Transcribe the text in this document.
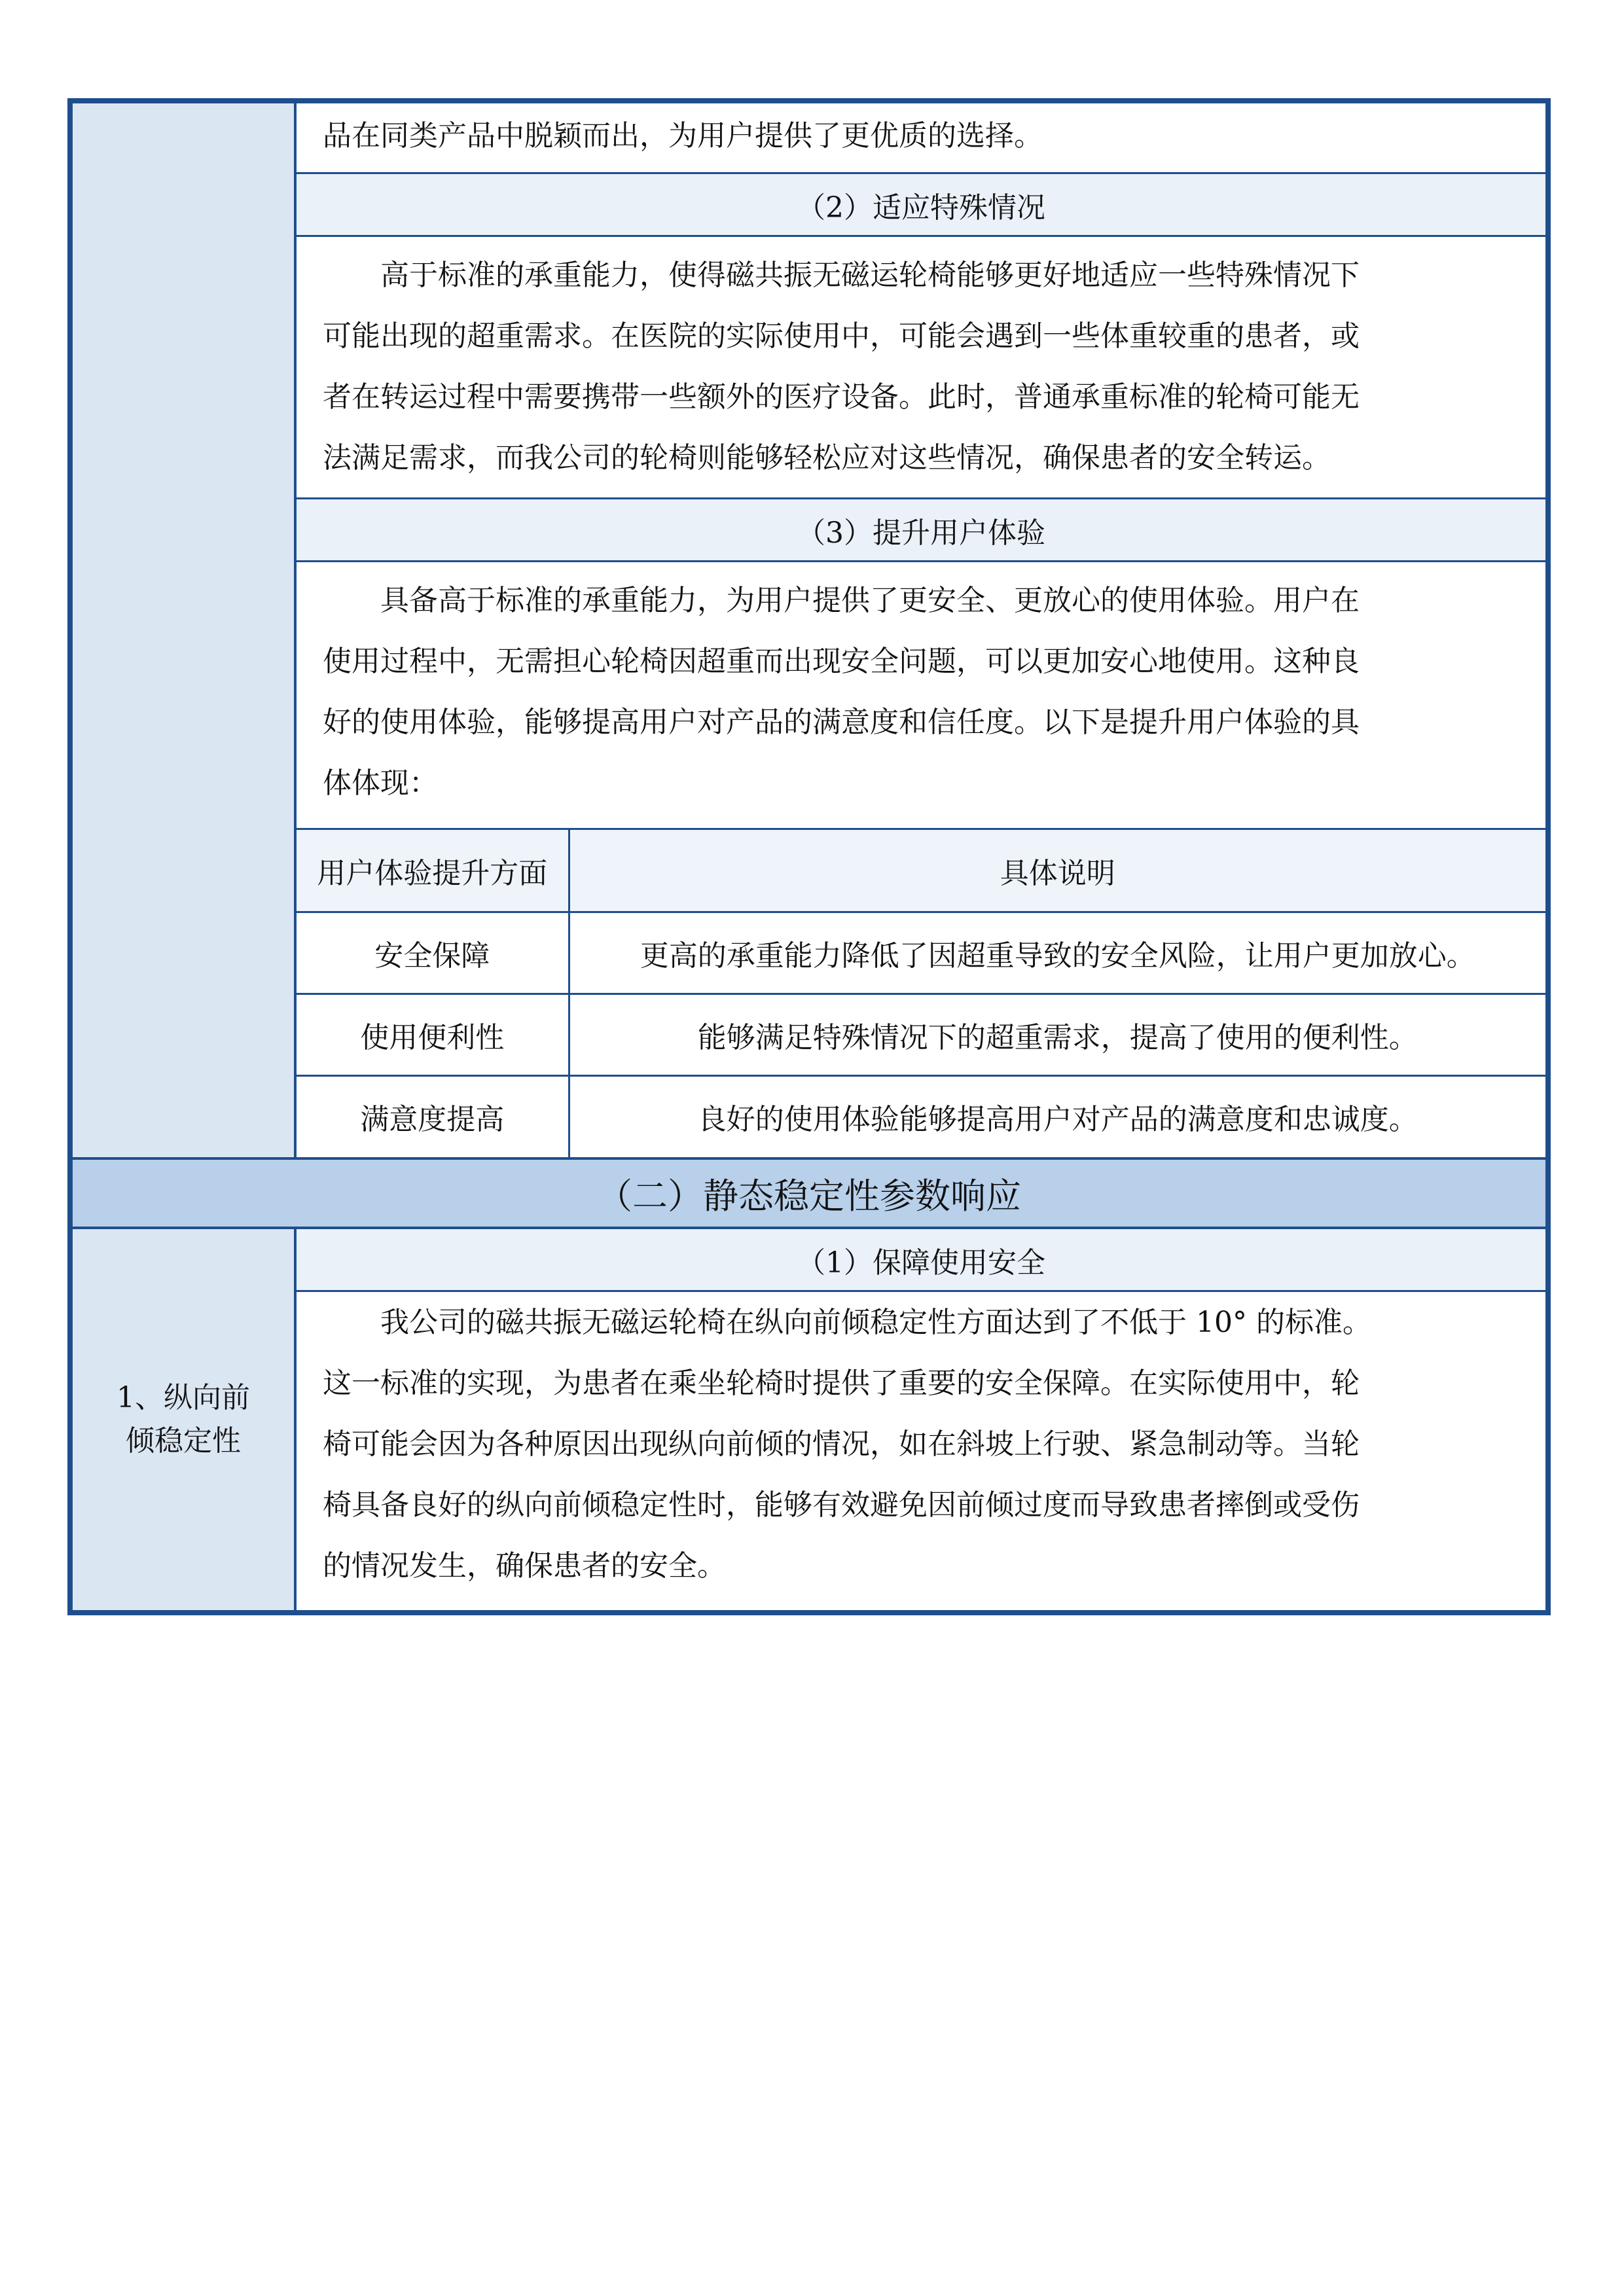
品在同类产品中脱颖而出，为用户提供了更优质的选择。
（2）适应特殊情况
高于标准的承重能力，使得磁共振无磁运轮椅能够更好地适应一些特殊情况下
可能出现的超重需求。在医院的实际使用中，可能会遇到一些体重较重的患者，或
者在转运过程中需要携带一些额外的医疗设备。此时，普通承重标准的轮椅可能无
法满足需求，而我公司的轮椅则能够轻松应对这些情况，确保患者的安全转运。
（3）提升用户体验
具备高于标准的承重能力，为用户提供了更安全、更放心的使用体验。用户在
使用过程中，无需担心轮椅因超重而出现安全问题，可以更加安心地使用。这种良
好的使用体验，能够提高用户对产品的满意度和信任度。以下是提升用户体验的具
体体现：
用户体验提升方面	具体说明
安全保障	更高的承重能力降低了因超重导致的安全风险，让用户更加放心。
使用便利性	能够满足特殊情况下的超重需求，提高了使用的便利性。
满意度提高	良好的使用体验能够提高用户对产品的满意度和忠诚度。
（二）静态稳定性参数响应
1、纵向前
倾稳定性
（1）保障使用安全
我公司的磁共振无磁运轮椅在纵向前倾稳定性方面达到了不低于 10° 的标准。
这一标准的实现，为患者在乘坐轮椅时提供了重要的安全保障。在实际使用中，轮
椅可能会因为各种原因出现纵向前倾的情况，如在斜坡上行驶、紧急制动等。当轮
椅具备良好的纵向前倾稳定性时，能够有效避免因前倾过度而导致患者摔倒或受伤
的情况发生，确保患者的安全。
